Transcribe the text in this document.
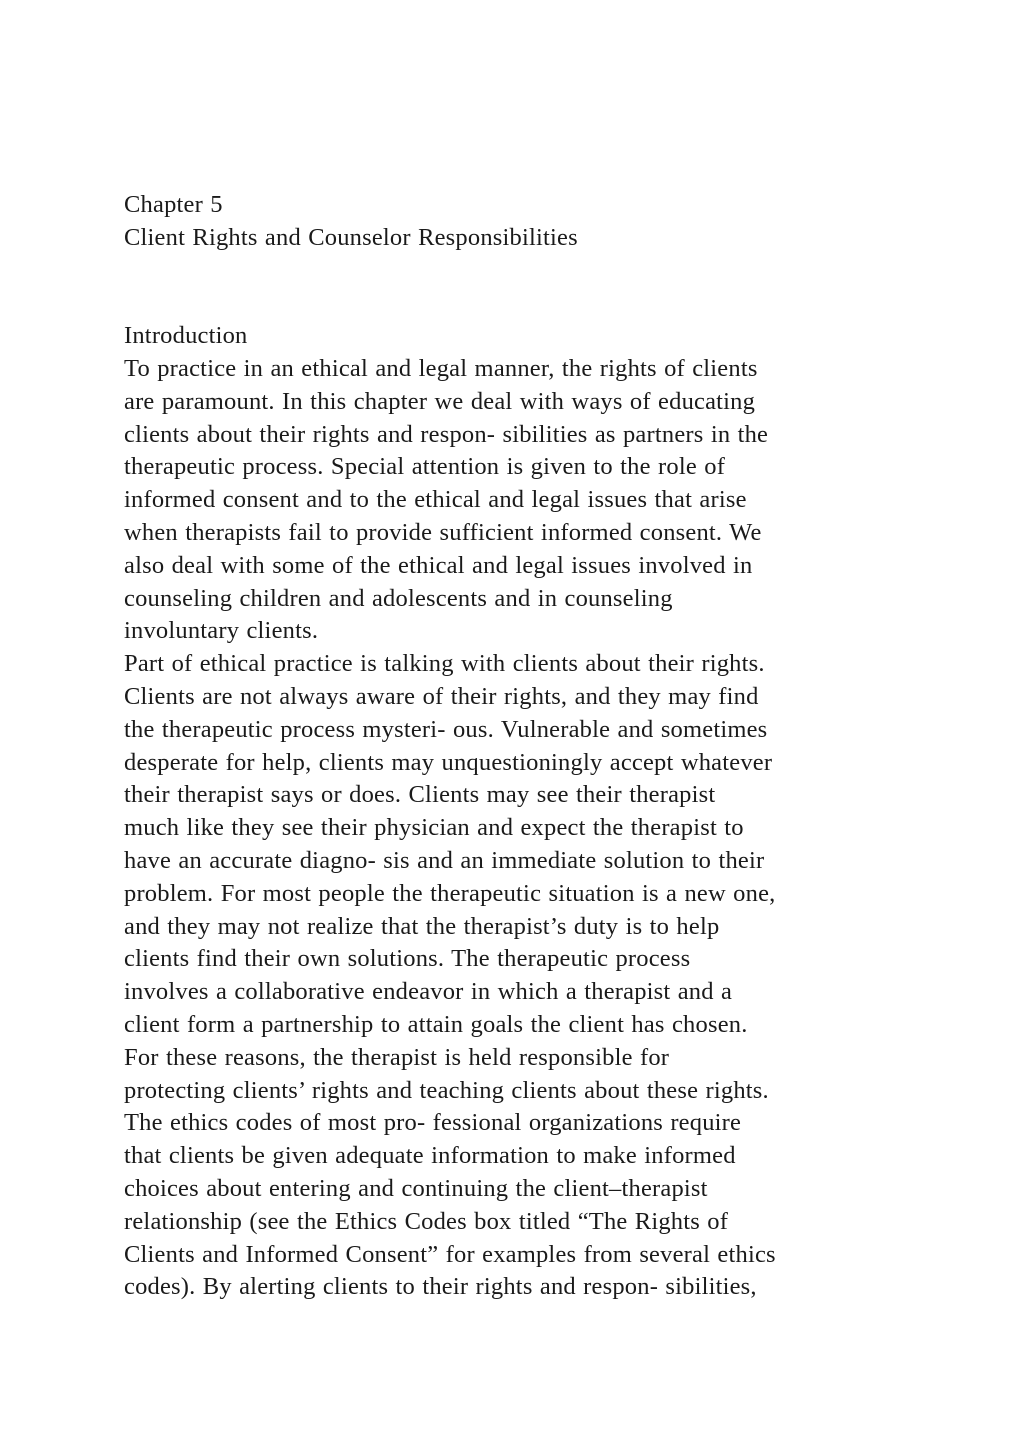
Chapter 5
Client Rights and Counselor Responsibilities
Introduction
To practice in an ethical and legal manner, the rights of clients
are paramount. In this chapter we deal with ways of educating
clients about their rights and respon- sibilities as partners in the
therapeutic process. Special attention is given to the role of
informed consent and to the ethical and legal issues that arise
when therapists fail to provide sufficient informed consent. We
also deal with some of the ethical and legal issues involved in
counseling children and adolescents and in counseling
involuntary clients.
Part of ethical practice is talking with clients about their rights.
Clients are not always aware of their rights, and they may find
the therapeutic process mysteri- ous. Vulnerable and sometimes
desperate for help, clients may unquestioningly accept whatever
their therapist says or does. Clients may see their therapist
much like they see their physician and expect the therapist to
have an accurate diagno- sis and an immediate solution to their
problem. For most people the therapeutic situation is a new one,
and they may not realize that the therapist’s duty is to help
clients find their own solutions. The therapeutic process
involves a collaborative endeavor in which a therapist and a
client form a partnership to attain goals the client has chosen.
For these reasons, the therapist is held responsible for
protecting clients’ rights and teaching clients about these rights.
The ethics codes of most pro- fessional organizations require
that clients be given adequate information to make informed
choices about entering and continuing the client–therapist
relationship (see the Ethics Codes box titled “The Rights of
Clients and Informed Consent” for examples from several ethics
codes). By alerting clients to their rights and respon- sibilities,
